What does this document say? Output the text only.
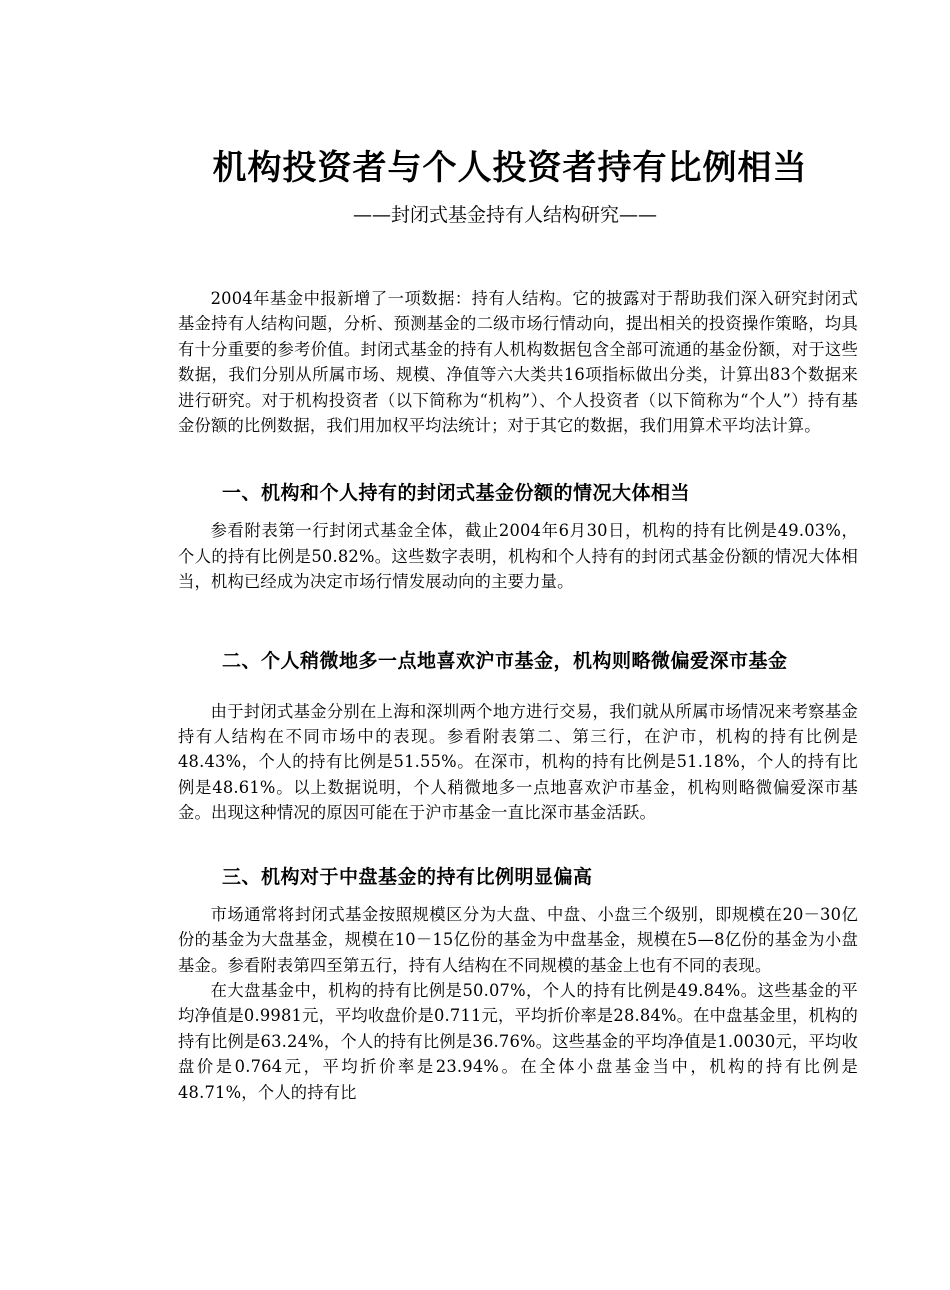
机构投资者与个人投资者持有比例相当
——封闭式基金持有人结构研究——

2004年基金中报新增了一项数据：持有人结构。它的披露对于帮助我们深入研究封闭式基金持有人结构问题，分析、预测基金的二级市场行情动向，提出相关的投资操作策略，均具有十分重要的参考价值。封闭式基金的持有人机构数据包含全部可流通的基金份额，对于这些数据，我们分别从所属市场、规模、净值等六大类共16项指标做出分类，计算出83个数据来进行研究。对于机构投资者（以下简称为“机构”）、个人投资者（以下简称为“个人”）持有基金份额的比例数据，我们用加权平均法统计；对于其它的数据，我们用算术平均法计算。

一、机构和个人持有的封闭式基金份额的情况大体相当

参看附表第一行封闭式基金全体，截止2004年6月30日，机构的持有比例是49.03%，个人的持有比例是50.82%。这些数字表明，机构和个人持有的封闭式基金份额的情况大体相当，机构已经成为决定市场行情发展动向的主要力量。

二、个人稍微地多一点地喜欢沪市基金，机构则略微偏爱深市基金

由于封闭式基金分别在上海和深圳两个地方进行交易，我们就从所属市场情况来考察基金持有人结构在不同市场中的表现。参看附表第二、第三行，在沪市，机构的持有比例是48.43%，个人的持有比例是51.55%。在深市，机构的持有比例是51.18%，个人的持有比例是48.61%。以上数据说明，个人稍微地多一点地喜欢沪市基金，机构则略微偏爱深市基金。出现这种情况的原因可能在于沪市基金一直比深市基金活跃。

三、机构对于中盘基金的持有比例明显偏高

市场通常将封闭式基金按照规模区分为大盘、中盘、小盘三个级别，即规模在20－30亿份的基金为大盘基金，规模在10－15亿份的基金为中盘基金，规模在5—8亿份的基金为小盘基金。参看附表第四至第五行，持有人结构在不同规模的基金上也有不同的表现。

在大盘基金中，机构的持有比例是50.07%，个人的持有比例是49.84%。这些基金的平均净值是0.9981元，平均收盘价是0.711元，平均折价率是28.84%。在中盘基金里，机构的持有比例是63.24%，个人的持有比例是36.76%。这些基金的平均净值是1.0030元，平均收盘价是0.764元，平均折价率是23.94%。在全体小盘基金当中，机构的持有比例是48.71%，个人的持有比
